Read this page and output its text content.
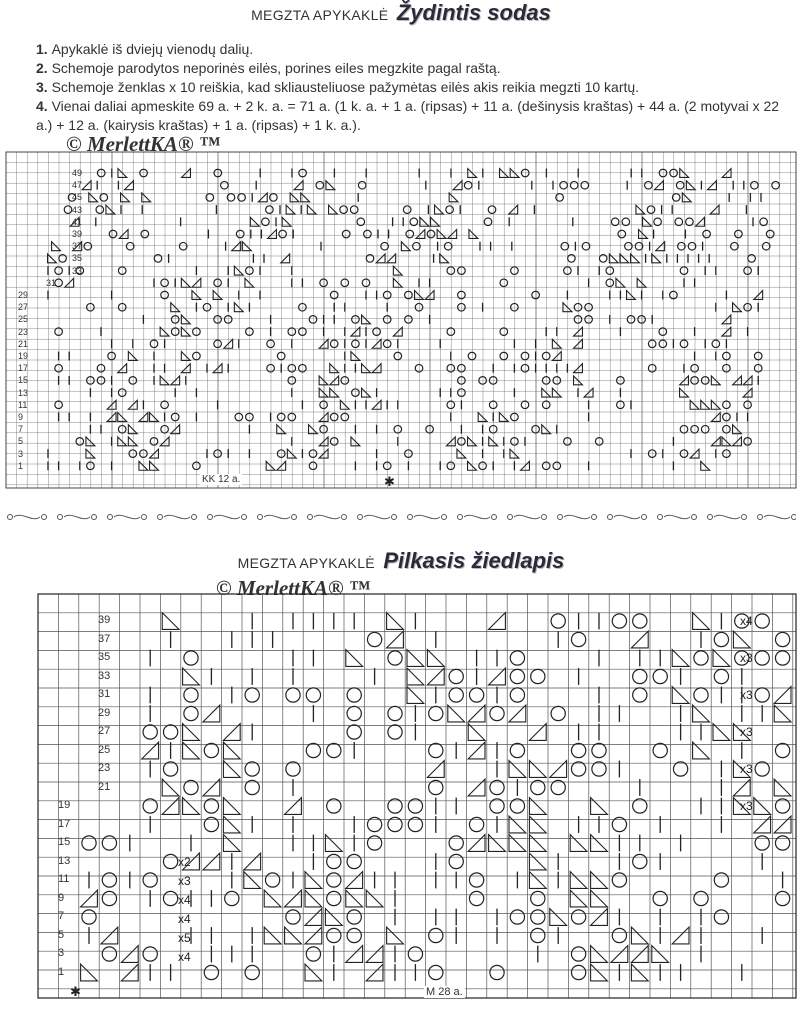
MEGZTA APYKAKLĖ Žydintis sodas
1. Apykaklė iš dviejų vienodų dalių.
2. Schemoje parodytos neporinės eilės, porines eiles megzkite pagal raštą.
3. Schemoje ženklas x 10 reiškia, kad skliausteliuose pažymėtas eilės akis reikia megzti 10 kartų.
4. Vienai daliai apmeskite 69 a. + 2 k. a. = 71 a. (1 k. a. + 1 a. (ripsas) + 11 a. (dešinysis kraštas) + 44 a. (2 motyvai x 22 a.) + 12 a. (kairysis kraštas) + 1 a. (ripsas) + 1 k. a.).
© MerlettKA® ™
49
47
45
43
41
39
37
35
33
31
29
27
25
23
21
19
17
15
13
11
9
7
5
3
1
KK 12 a.	✱
MEGZTA APYKAKLĖ Pilkasis žiedlapis
© MerlettKA® ™
x4
x3
x3
x3
x3
x3
x2
x3
x4
x4
x5
x4
39
37
35
33
31
29
27
25
23
21
19
17
15
13
11
9
7
5
3
1
M 28 a.
✱
